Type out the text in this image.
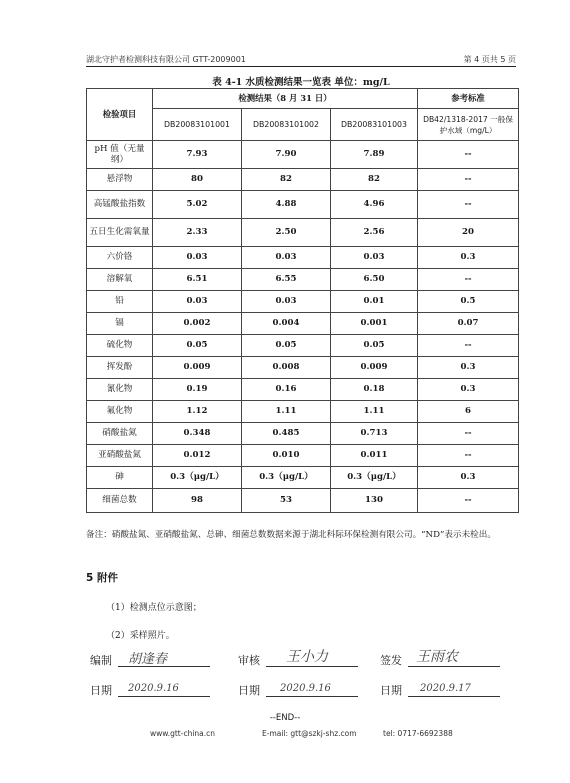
湖北守护者检测科技有限公司 GTT-2009001	第 4 页共 5 页
表 4-1 水质检测结果一览表 单位：mg/L
检验项目	检测结果（8 月 31 日）			参考标准
	DB20083101001	DB20083101002	DB20083101003	DB42/1318-2017 一般保护水域（mg/L）
pH 值（无量纲）	7.93	7.90	7.89	--
悬浮物	80	82	82	--
高锰酸盐指数	5.02	4.88	4.96	--
五日生化需氧量	2.33	2.50	2.56	20
六价铬	0.03	0.03	0.03	0.3
溶解氧	6.51	6.55	6.50	--
铅	0.03	0.03	0.01	0.5
镉	0.002	0.004	0.001	0.07
硫化物	0.05	0.05	0.05	--
挥发酚	0.009	0.008	0.009	0.3
氰化物	0.19	0.16	0.18	0.3
氟化物	1.12	1.11	1.11	6
硝酸盐氮	0.348	0.485	0.713	--
亚硝酸盐氮	0.012	0.010	0.011	--
砷	0.3（μg/L）	0.3（μg/L）	0.3（μg/L）	0.3
细菌总数	98	53	130	--
备注：硝酸盐氮、亚硝酸盐氮、总砷、细菌总数数据来源于湖北科际环保检测有限公司。“ND”表示未检出。
5 附件
（1）检测点位示意图；
（2）采样照片。
编制 胡逢春	审核 王小力	签发 王雨农
日期 2020.9.16	日期 2020.9.16	日期 2020.9.17
--END--
www.gtt-china.cn	E-mail: gtt@szkj-shz.com	tel: 0717-6692388
